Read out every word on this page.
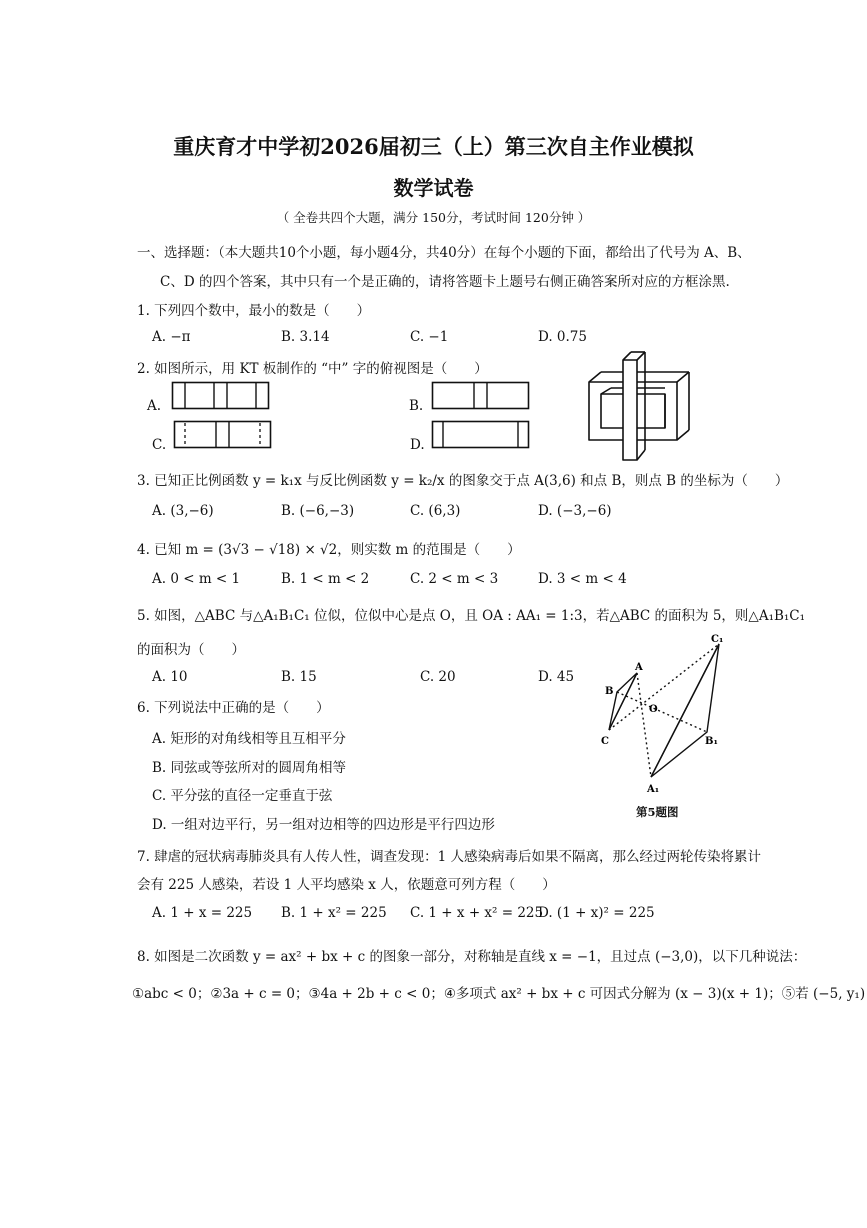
重庆育才中学初2026届初三（上）第三次自主作业模拟
数学试卷
（ 全卷共四个大题，满分 150分，考试时间 120分钟 ）
一、选择题：（本大题共10个小题，每小题4分，共40分）在每个小题的下面，都给出了代号为 A、B、
C、D 的四个答案，其中只有一个是正确的，请将答题卡上题号右侧正确答案所对应的方框涂黑.
1. 下列四个数中，最小的数是（　　）
A. −π	B. 3.14	C. −1	D. 0.75
2. 如图所示，用 KT 板制作的 “中” 字的俯视图是（　　）
A.	B.
C.	D.
3. 已知正比例函数 y = k₁x 与反比例函数 y = k₂/x 的图象交于点 A(3,6) 和点 B，则点 B 的坐标为（　　）
A. (3,−6)	B. (−6,−3)	C. (6,3)	D. (−3,−6)
4. 已知 m = (3√3 − √18) × √2，则实数 m 的范围是（　　）
A. 0 < m < 1	B. 1 < m < 2	C. 2 < m < 3	D. 3 < m < 4
5. 如图，△ABC 与△A₁B₁C₁ 位似，位似中心是点 O，且 OA : AA₁ = 1:3，若△ABC 的面积为 5，则△A₁B₁C₁
的面积为（　　）
A. 10	B. 15	C. 20	D. 45
A
B
C
O
C₁
B₁
A₁
第5题图
6. 下列说法中正确的是（　　）
A. 矩形的对角线相等且互相平分
B. 同弦或等弦所对的圆周角相等
C. 平分弦的直径一定垂直于弦
D. 一组对边平行，另一组对边相等的四边形是平行四边形
7. 肆虐的冠状病毒肺炎具有人传人性，调查发现：1 人感染病毒后如果不隔离，那么经过两轮传染将累计
会有 225 人感染，若设 1 人平均感染 x 人，依题意可列方程（　　）
A. 1 + x = 225 B. 1 + x² = 225 C. 1 + x + x² = 225
D. (1 + x)² = 225
8. 如图是二次函数 y = ax² + bx + c 的图象一部分，对称轴是直线 x = −1，且过点 (−3,0)，以下几种说法：
①abc < 0；②3a + c = 0；③4a + 2b + c < 0；④多项式 ax² + bx + c 可因式分解为 (x − 3)(x + 1)；⑤若 (−5, y₁)
